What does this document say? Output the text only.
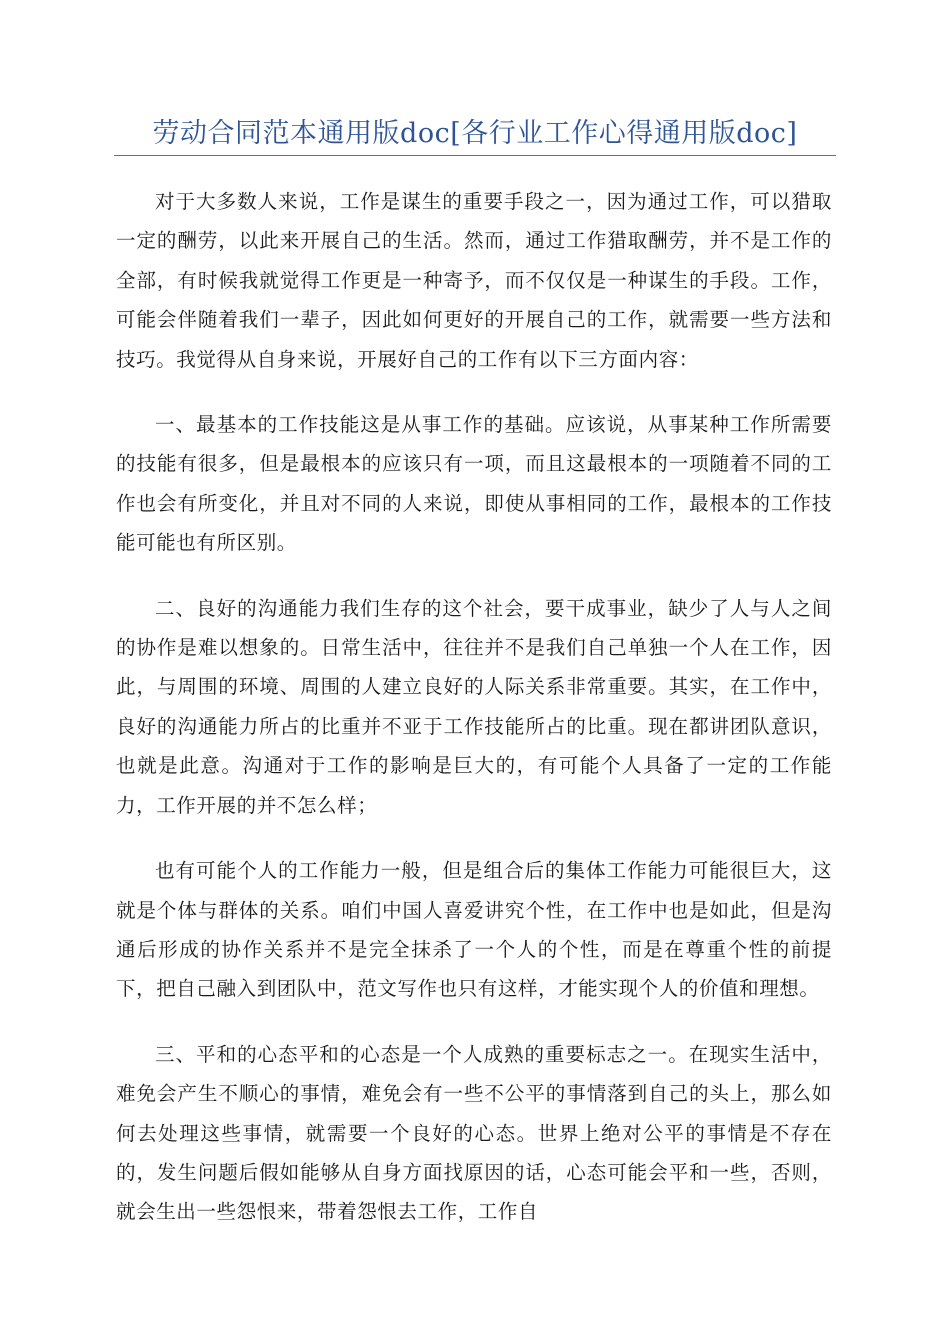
劳动合同范本通用版doc[各行业工作心得通用版doc]

对于大多数人来说，工作是谋生的重要手段之一，因为通过工作，可以猎取一定的酬劳，以此来开展自己的生活。然而，通过工作猎取酬劳，并不是工作的全部，有时候我就觉得工作更是一种寄予，而不仅仅是一种谋生的手段。工作，可能会伴随着我们一辈子，因此如何更好的开展自己的工作，就需要一些方法和技巧。我觉得从自身来说，开展好自己的工作有以下三方面内容：

一、最基本的工作技能这是从事工作的基础。应该说，从事某种工作所需要的技能有很多，但是最根本的应该只有一项，而且这最根本的一项随着不同的工作也会有所变化，并且对不同的人来说，即使从事相同的工作，最根本的工作技能可能也有所区别。

二、良好的沟通能力我们生存的这个社会，要干成事业，缺少了人与人之间的协作是难以想象的。日常生活中，往往并不是我们自己单独一个人在工作，因此，与周围的环境、周围的人建立良好的人际关系非常重要。其实，在工作中，良好的沟通能力所占的比重并不亚于工作技能所占的比重。现在都讲团队意识，也就是此意。沟通对于工作的影响是巨大的，有可能个人具备了一定的工作能力，工作开展的并不怎么样；

也有可能个人的工作能力一般，但是组合后的集体工作能力可能很巨大，这就是个体与群体的关系。咱们中国人喜爱讲究个性，在工作中也是如此，但是沟通后形成的协作关系并不是完全抹杀了一个人的个性，而是在尊重个性的前提下，把自己融入到团队中，范文写作也只有这样，才能实现个人的价值和理想。

三、平和的心态平和的心态是一个人成熟的重要标志之一。在现实生活中，难免会产生不顺心的事情，难免会有一些不公平的事情落到自己的头上，那么如何去处理这些事情，就需要一个良好的心态。世界上绝对公平的事情是不存在的，发生问题后假如能够从自身方面找原因的话，心态可能会平和一些，否则，就会生出一些怨恨来，带着怨恨去工作，工作自
